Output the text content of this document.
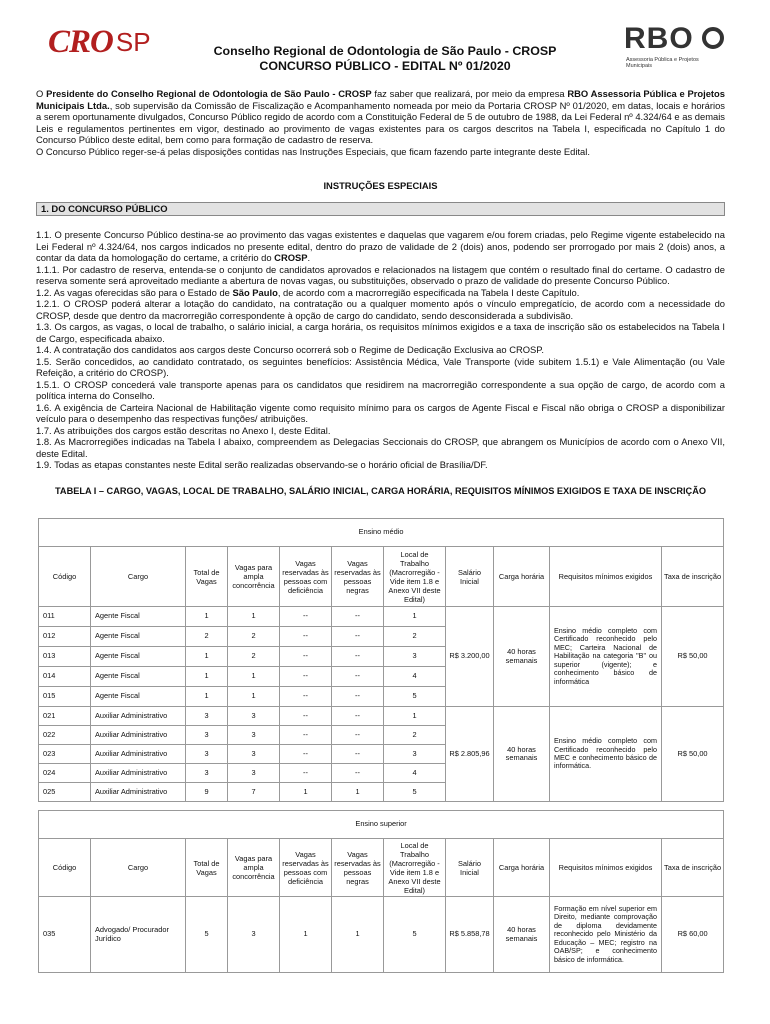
CRO SP	RBO
Assessoria Pública e Projetos Municipais
Conselho Regional de Odontologia de São Paulo - CROSP
CONCURSO PÚBLICO - EDITAL Nº 01/2020

O Presidente do Conselho Regional de Odontologia de São Paulo - CROSP faz saber que realizará, por meio da empresa RBO Assessoria Pública e Projetos Municipais Ltda., sob supervisão da Comissão de Fiscalização e Acompanhamento nomeada por meio da Portaria CROSP Nº 01/2020, em datas, locais e horários a serem oportunamente divulgados, Concurso Público regido de acordo com a Constituição Federal de 5 de outubro de 1988, da Lei Federal nº 4.324/64 e as demais Leis e regulamentos pertinentes em vigor, destinado ao provimento de vagas existentes para os cargos descritos na Tabela I, especificada no Capítulo 1 do Concurso Público deste edital, bem como para formação de cadastro de reserva.

O Concurso Público reger-se-á pelas disposições contidas nas Instruções Especiais, que ficam fazendo parte integrante deste Edital.

INSTRUÇÕES ESPECIAIS
1. DO CONCURSO PÚBLICO

1.1. O presente Concurso Público destina-se ao provimento das vagas existentes e daquelas que vagarem e/ou forem criadas, pelo Regime vigente estabelecido na Lei Federal nº 4.324/64, nos cargos indicados no presente edital, dentro do prazo de validade de 2 (dois) anos, podendo ser prorrogado por mais 2 (dois) anos, a contar da data da homologação do certame, a critério do CROSP.

1.1.1. Por cadastro de reserva, entenda-se o conjunto de candidatos aprovados e relacionados na listagem que contém o resultado final do certame. O cadastro de reserva somente será aproveitado mediante a abertura de novas vagas, ou substituições, observado o prazo de validade do presente Concurso Público.

1.2. As vagas oferecidas são para o Estado de São Paulo, de acordo com a macrorregião especificada na Tabela I deste Capítulo.

1.2.1. O CROSP poderá alterar a lotação do candidato, na contratação ou a qualquer momento após o vínculo empregatício, de acordo com a necessidade do CROSP, desde que dentro da macrorregião correspondente à opção de cargo do candidato, sendo desconsiderada a subdivisão.

1.3. Os cargos, as vagas, o local de trabalho, o salário inicial, a carga horária, os requisitos mínimos exigidos e a taxa de inscrição são os estabelecidos na Tabela I de Cargo, especificada abaixo.

1.4. A contratação dos candidatos aos cargos deste Concurso ocorrerá sob o Regime de Dedicação Exclusiva ao CROSP.

1.5. Serão concedidos, ao candidato contratado, os seguintes benefícios: Assistência Médica, Vale Transporte (vide subitem 1.5.1) e Vale Alimentação (ou Vale Refeição, a critério do CROSP).

1.5.1. O CROSP concederá vale transporte apenas para os candidatos que residirem na macrorregião correspondente a sua opção de cargo, de acordo com a política interna do Conselho.

1.6. A exigência de Carteira Nacional de Habilitação vigente como requisito mínimo para os cargos de Agente Fiscal e Fiscal não obriga o CROSP a disponibilizar veículo para o desempenho das respectivas funções/ atribuições.

1.7. As atribuições dos cargos estão descritas no Anexo I, deste Edital.

1.8. As Macrorregiões indicadas na Tabela I abaixo, compreendem as Delegacias Seccionais do CROSP, que abrangem os Municípios de acordo com o Anexo VII, deste Edital.

1.9. Todas as etapas constantes neste Edital serão realizadas observando-se o horário oficial de Brasília/DF.

TABELA I – CARGO, VAGAS, LOCAL DE TRABALHO, SALÁRIO INICIAL, CARGA HORÁRIA, REQUISITOS MÍNIMOS EXIGIDOS E TAXA DE INSCRIÇÃO
Ensino médio										
Código	Cargo	Total de Vagas	Vagas para ampla concorrência	Vagas reservadas às pessoas com deficiência	Vagas reservadas às pessoas negras	Local de Trabalho (Macrorregião - Vide item 1.8 e Anexo VII deste Edital)	Salário Inicial	Carga horária	Requisitos mínimos exigidos	Taxa de inscrição
011	Agente Fiscal	1	1	--	--	1	R$ 3.200,00	40 horas semanais	Ensino médio completo com Certificado reconhecido pelo MEC; Carteira Nacional de Habilitação na categoria "B" ou superior (vigente); e conhecimento básico de informática	R$ 50,00
012	Agente Fiscal	2	2	--	--	2				
013	Agente Fiscal	1	2	--	--	3				
014	Agente Fiscal	1	1	--	--	4				
015	Agente Fiscal	1	1	--	--	5				
021	Auxiliar Administrativo	3	3	--	--	1	R$ 2.805,96	40 horas semanais	Ensino médio completo com Certificado reconhecido pelo MEC e conhecimento básico de informática.	R$ 50,00
022	Auxiliar Administrativo	3	3	--	--	2				
023	Auxiliar Administrativo	3	3	--	--	3				
024	Auxiliar Administrativo	3	3	--	--	4				
025	Auxiliar Administrativo	9	7	1	1	5				
Ensino superior										
Código	Cargo	Total de Vagas	Vagas para ampla concorrência	Vagas reservadas às pessoas com deficiência	Vagas reservadas às pessoas negras	Local de Trabalho (Macrorregião - Vide item 1.8 e Anexo VII deste Edital)	Salário Inicial	Carga horária	Requisitos mínimos exigidos	Taxa de inscrição
035	Advogado/ Procurador Jurídico	5	3	1	1	5	R$ 5.858,78	40 horas semanais	Formação em nível superior em Direito, mediante comprovação de diploma devidamente reconhecido pelo Ministério da Educação – MEC; registro na OAB/SP; e conhecimento básico de informática.	R$ 60,00
